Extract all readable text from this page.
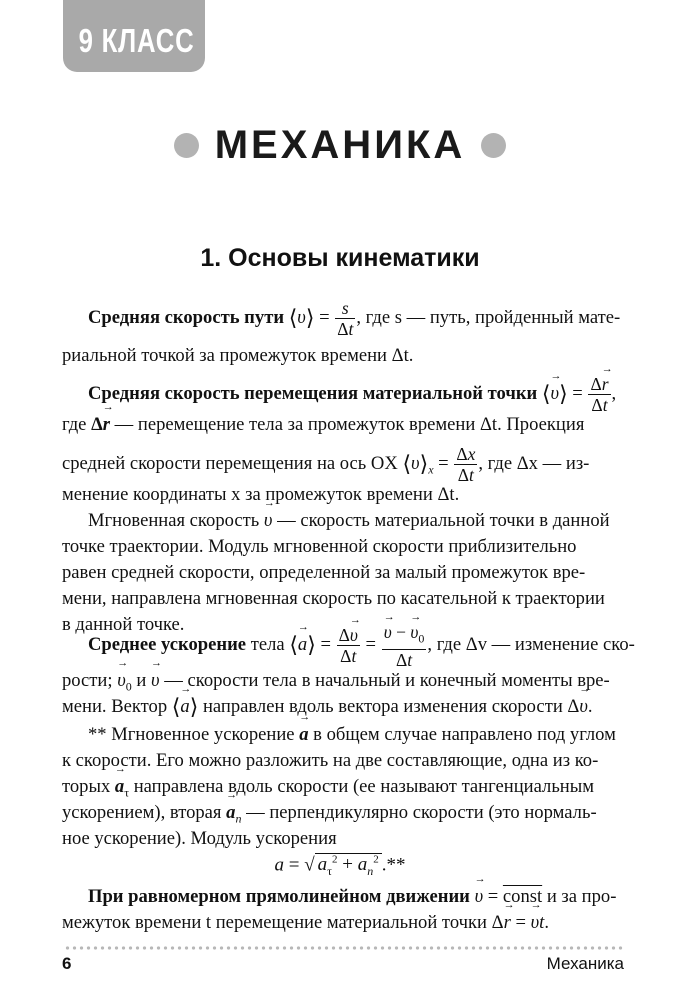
9 КЛАСС
МЕХАНИКА
1. Основы кинематики
Средняя скорость пути ⟨υ⟩ = $\frac{s}{\Delta t}$ , где s — путь, пройденный мате-
риальной точкой за промежуток времени Δt.
Средняя скорость перемещения материальной точки ⟨→ υ⟩ = $\frac{\Delta\to r}{\Delta t}$ ,
где Δ→ r — перемещение тела за промежуток времени Δt. Проекция
средней скорости перемещения на ось OX $⟨\upsilon⟩_x = \frac{\Delta x}{\Delta t}$ , где Δx — из-
менение координаты x за промежуток времени Δt.
Мгновенная скорость → υ — скорость материальной точки в данной
точке траектории. Модуль мгновенной скорости приблизительно
равен средней скорости, определенной за малый промежуток вре-
мени, направлена мгновенная скорость по касательной к траектории
в данной точке.
Среднее ускорение тела ⟨→ a⟩ = $\frac{\Delta\to \upsilon}{\Delta t}$ = → $\frac{\upsilon - \to \upsilon_0}{\Delta t}$ , где Δv — изменение ско-
рости; → $\upsilon_0$ и → υ — скорости тела в начальный и конечный моменты вре-
мени. Вектор ⟨→ a⟩ направлен вдоль вектора изменения скорости Δ→ υ.
** Мгновенное ускорение → a в общем случае направлено под углом
к скорости. Его можно разложить на две составляющие, одна из ко-
торых → $a_\tau$ направлена вдоль скорости (ее называют тангенциальным
ускорением), вторая → $a_n$ — перпендикулярно скорости (это нормаль-
ное ускорение). Модуль ускорения
a = √ $a_\tau^2 + a_n^2$ .**
При равномерном прямолинейном движении → υ = const и за про-
межуток времени t перемещение материальной точки Δ→ r = → υt.
6	Механика
